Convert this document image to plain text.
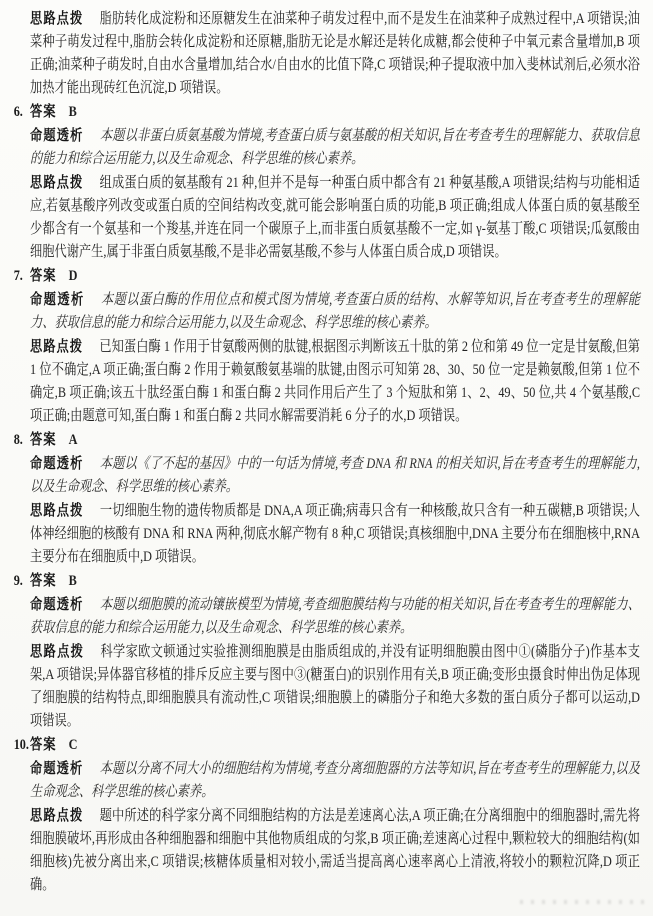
思路点拨 脂肪转化成淀粉和还原糖发生在油菜种子萌发过程中,而不是发生在油菜种子成熟过程中,A 项错误;油菜种子萌发过程中,脂肪会转化成淀粉和还原糖,脂肪无论是水解还是转化成糖,都会使种子中氧元素含量增加,B 项正确;油菜种子萌发时,自由水含量增加,结合水/自由水的比值下降,C 项错误;种子提取液中加入斐林试剂后,必须水浴加热才能出现砖红色沉淀,D 项错误。

6. 答案 B

命题透析 本题以非蛋白质氨基酸为情境,考查蛋白质与氨基酸的相关知识,旨在考查考生的理解能力、获取信息的能力和综合运用能力,以及生命观念、科学思维的核心素养。

思路点拨 组成蛋白质的氨基酸有 21 种,但并不是每一种蛋白质中都含有 21 种氨基酸,A 项错误;结构与功能相适应,若氨基酸序列改变或蛋白质的空间结构改变,就可能会影响蛋白质的功能,B 项正确;组成人体蛋白质的氨基酸至少都含有一个氨基和一个羧基,并连在同一个碳原子上,而非蛋白质氨基酸不一定,如 γ-氨基丁酸,C 项错误;瓜氨酸由细胞代谢产生,属于非蛋白质氨基酸,不是非必需氨基酸,不参与人体蛋白质合成,D 项错误。

7. 答案 D

命题透析 本题以蛋白酶的作用位点和模式图为情境,考查蛋白质的结构、水解等知识,旨在考查考生的理解能力、获取信息的能力和综合运用能力,以及生命观念、科学思维的核心素养。

思路点拨 已知蛋白酶 1 作用于甘氨酸两侧的肽键,根据图示判断该五十肽的第 2 位和第 49 位一定是甘氨酸,但第 1 位不确定,A 项正确;蛋白酶 2 作用于赖氨酸氨基端的肽键,由图示可知第 28、30、50 位一定是赖氨酸,但第 1 位不确定,B 项正确;该五十肽经蛋白酶 1 和蛋白酶 2 共同作用后产生了 3 个短肽和第 1、2、49、50 位,共 4 个氨基酸,C 项正确;由题意可知,蛋白酶 1 和蛋白酶 2 共同水解需要消耗 6 分子的水,D 项错误。

8. 答案 A

命题透析 本题以《了不起的基因》中的一句话为情境,考查 DNA 和 RNA 的相关知识,旨在考查考生的理解能力,以及生命观念、科学思维的核心素养。

思路点拨 一切细胞生物的遗传物质都是 DNA,A 项正确;病毒只含有一种核酸,故只含有一种五碳糖,B 项错误;人体神经细胞的核酸有 DNA 和 RNA 两种,彻底水解产物有 8 种,C 项错误;真核细胞中,DNA 主要分布在细胞核中,RNA 主要分布在细胞质中,D 项错误。

9. 答案 B

命题透析 本题以细胞膜的流动镶嵌模型为情境,考查细胞膜结构与功能的相关知识,旨在考查考生的理解能力、获取信息的能力和综合运用能力,以及生命观念、科学思维的核心素养。

思路点拨 科学家欧文顿通过实验推测细胞膜是由脂质组成的,并没有证明细胞膜由图中①(磷脂分子)作基本支架,A 项错误;异体器官移植的排斥反应主要与图中③(糖蛋白)的识别作用有关,B 项正确;变形虫摄食时伸出伪足体现了细胞膜的结构特点,即细胞膜具有流动性,C 项错误;细胞膜上的磷脂分子和绝大多数的蛋白质分子都可以运动,D 项错误。

10.答案 C

命题透析 本题以分离不同大小的细胞结构为情境,考查分离细胞器的方法等知识,旨在考查考生的理解能力,以及生命观念、科学思维的核心素养。

思路点拨 题中所述的科学家分离不同细胞结构的方法是差速离心法,A 项正确;在分离细胞中的细胞器时,需先将细胞膜破坏,再形成由各种细胞器和细胞中其他物质组成的匀浆,B 项正确;差速离心过程中,颗粒较大的细胞结构(如细胞核)先被分离出来,C 项错误;核糖体质量相对较小,需适当提高离心速率离心上清液,将较小的颗粒沉降,D 项正确。
